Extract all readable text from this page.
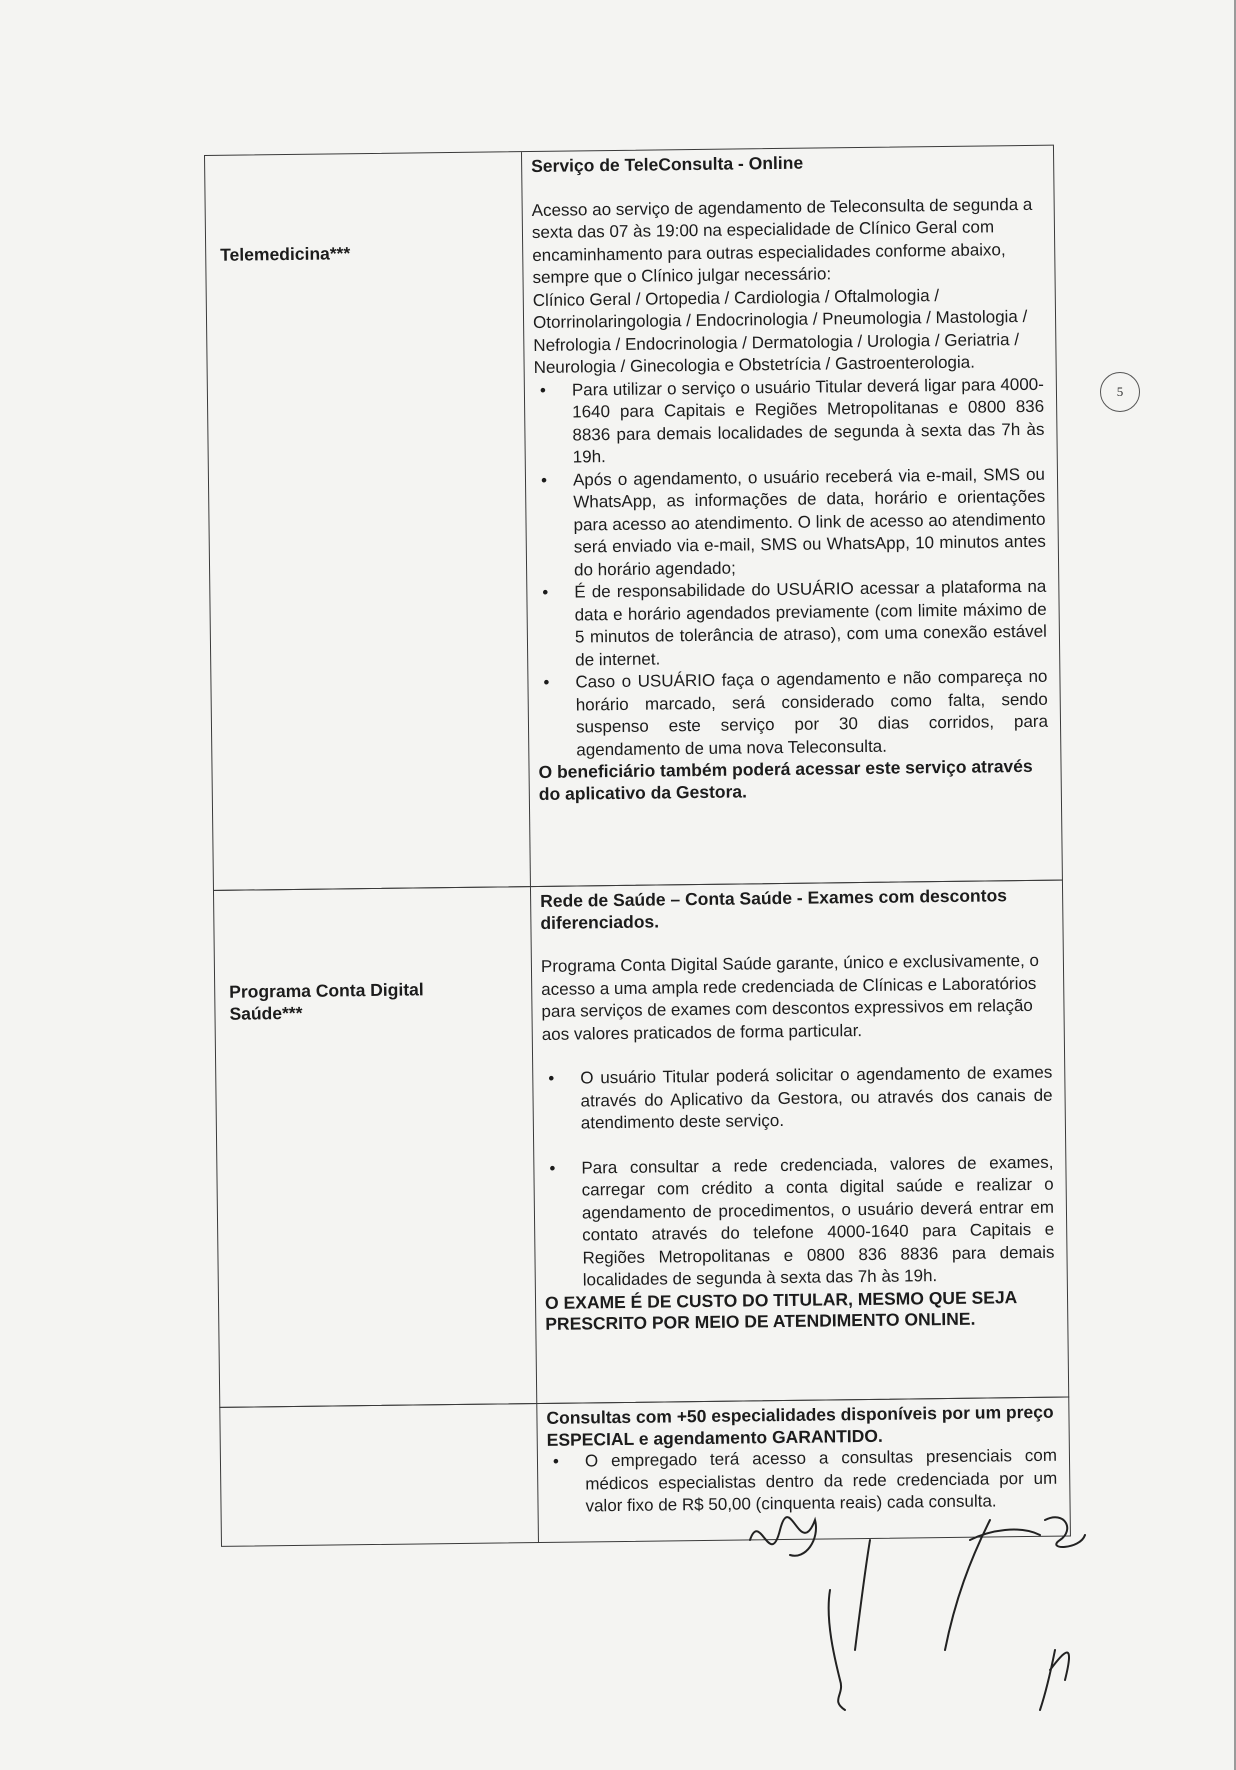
Telemedicina***
Serviço de TeleConsulta - Online

Acesso ao serviço de agendamento de Teleconsulta de segunda a sexta das 07 às 19:00 na especialidade de Clínico Geral com encaminhamento para outras especialidades conforme abaixo, sempre que o Clínico julgar necessário:

Clínico Geral / Ortopedia / Cardiologia / Oftalmologia / Otorrinolaringologia / Endocrinologia / Pneumologia / Mastologia / Nefrologia / Endocrinologia / Dermatologia / Urologia / Geriatria / Neurologia / Ginecologia e Obstetrícia / Gastroenterologia.

• Para utilizar o serviço o usuário Titular deverá ligar para 4000-1640 para Capitais e Regiões Metropolitanas e 0800 836 8836 para demais localidades de segunda à sexta das 7h às 19h.
• Após o agendamento, o usuário receberá via e-mail, SMS ou WhatsApp, as informações de data, horário e orientações para acesso ao atendimento. O link de acesso ao atendimento será enviado via e-mail, SMS ou WhatsApp, 10 minutos antes do horário agendado;
• É de responsabilidade do USUÁRIO acessar a plataforma na data e horário agendados previamente (com limite máximo de 5 minutos de tolerância de atraso), com uma conexão estável de internet.
• Caso o USUÁRIO faça o agendamento e não compareça no horário marcado, será considerado como falta, sendo suspenso este serviço por 30 dias corridos, para agendamento de uma nova Teleconsulta.
O beneficiário também poderá acessar este serviço através do aplicativo da Gestora.
Programa Conta Digital Saúde***
Rede de Saúde – Conta Saúde - Exames com descontos diferenciados.

Programa Conta Digital Saúde garante, único e exclusivamente, o acesso a uma ampla rede credenciada de Clínicas e Laboratórios para serviços de exames com descontos expressivos em relação aos valores praticados de forma particular.

• O usuário Titular poderá solicitar o agendamento de exames através do Aplicativo da Gestora, ou através dos canais de atendimento deste serviço.
• Para consultar a rede credenciada, valores de exames, carregar com crédito a conta digital saúde e realizar o agendamento de procedimentos, o usuário deverá entrar em contato através do telefone 4000-1640 para Capitais e Regiões Metropolitanas e 0800 836 8836 para demais localidades de segunda à sexta das 7h às 19h.
O EXAME É DE CUSTO DO TITULAR, MESMO QUE SEJA PRESCRITO POR MEIO DE ATENDIMENTO ONLINE.
Consultas com +50 especialidades disponíveis por um preço ESPECIAL e agendamento GARANTIDO.
• O empregado terá acesso a consultas presenciais com médicos especialistas dentro da rede credenciada por um valor fixo de R$ 50,00 (cinquenta reais) cada consulta.
5
